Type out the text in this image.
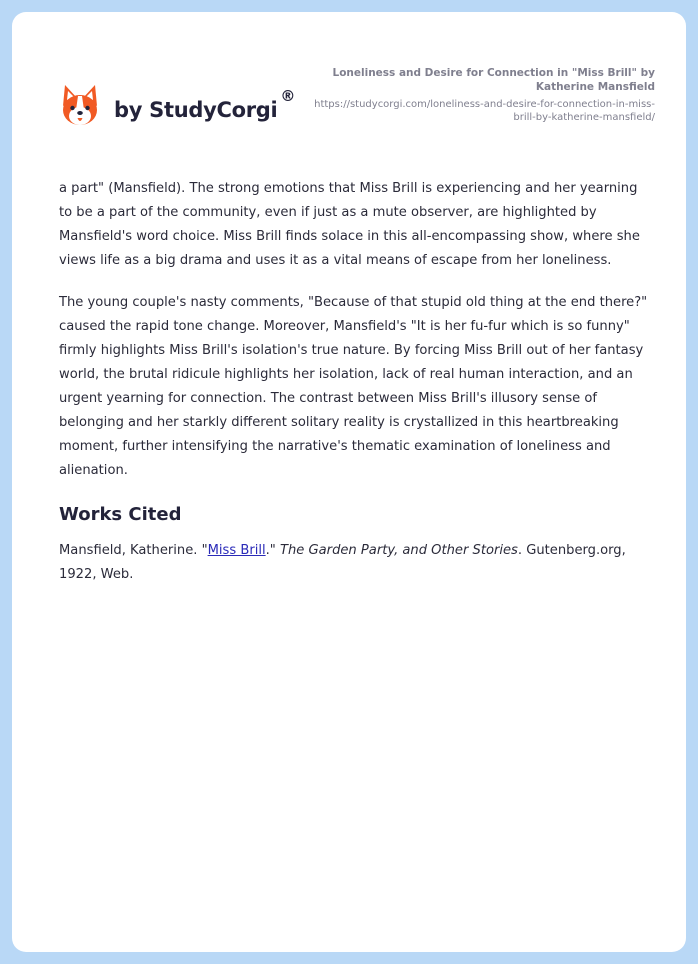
by StudyCorgi
®
Loneliness and Desire for Connection in "Miss Brill" by Katherine Mansfield
https://studycorgi.com/loneliness-and-desire-for-connection-in-miss-brill-by-katherine-mansfield/

a part" (Mansfield). The strong emotions that Miss Brill is experiencing and her yearning to be a part of the community, even if just as a mute observer, are highlighted by Mansfield's word choice. Miss Brill finds solace in this all-encompassing show, where she views life as a big drama and uses it as a vital means of escape from her loneliness.

The young couple's nasty comments, "Because of that stupid old thing at the end there?" caused the rapid tone change. Moreover, Mansfield's "It is her fu-fur which is so funny" firmly highlights Miss Brill's isolation's true nature. By forcing Miss Brill out of her fantasy world, the brutal ridicule highlights her isolation, lack of real human interaction, and an urgent yearning for connection. The contrast between Miss Brill's illusory sense of belonging and her starkly different solitary reality is crystallized in this heartbreaking moment, further intensifying the narrative's thematic examination of loneliness and alienation.

Works Cited

Mansfield, Katherine. "Miss Brill." The Garden Party, and Other Stories. Gutenberg.org, 1922, Web.
